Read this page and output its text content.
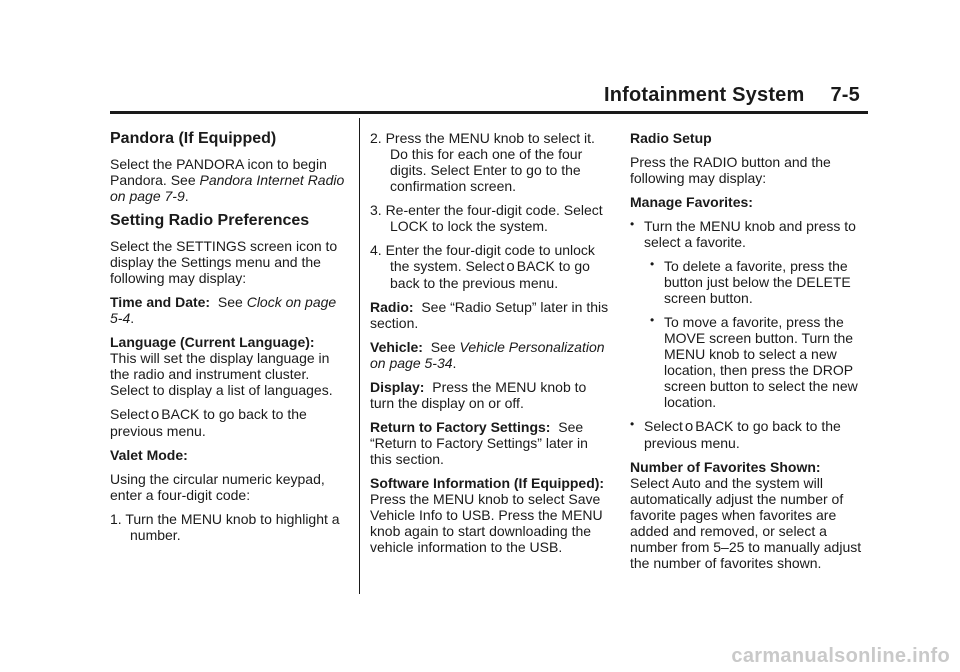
Infotainment System 7-5
Pandora (If Equipped)

Select the PANDORA icon to begin Pandora. See Pandora Internet Radio on page 7-9.

Setting Radio Preferences

Select the SETTINGS screen icon to display the Settings menu and the following may display:

Time and Date: See Clock on page 5-4.

Language (Current Language):
This will set the display language in the radio and instrument cluster. Select to display a list of languages.

Select o BACK to go back to the previous menu.

Valet Mode:

Using the circular numeric keypad, enter a four-digit code:

1. Turn the MENU knob to highlight a number.
2. Press the MENU knob to select it. Do this for each one of the four digits. Select Enter to go to the confirmation screen.
3. Re-enter the four-digit code. Select LOCK to lock the system.
4. Enter the four-digit code to unlock the system. Select o BACK to go back to the previous menu.

Radio: See “Radio Setup” later in this section.

Vehicle: See Vehicle Personalization on page 5-34.

Display: Press the MENU knob to turn the display on or off.

Return to Factory Settings: See “Return to Factory Settings” later in this section.

Software Information (If Equipped):  Press the MENU knob to select Save Vehicle Info to USB. Press the MENU knob again to start downloading the vehicle information to the USB.

Radio Setup

Press the RADIO button and the following may display:

Manage Favorites:

• Turn the MENU knob and press to select a favorite.
• To delete a favorite, press the button just below the DELETE screen button.
• To move a favorite, press the MOVE screen button. Turn the MENU knob to select a new location, then press the DROP screen button to select the new location.
• Select o BACK to go back to the previous menu.

Number of Favorites Shown:
Select Auto and the system will automatically adjust the number of favorite pages when favorites are added and removed, or select a number from 5–25 to manually adjust the number of favorites shown.

carmanualsonline.info
